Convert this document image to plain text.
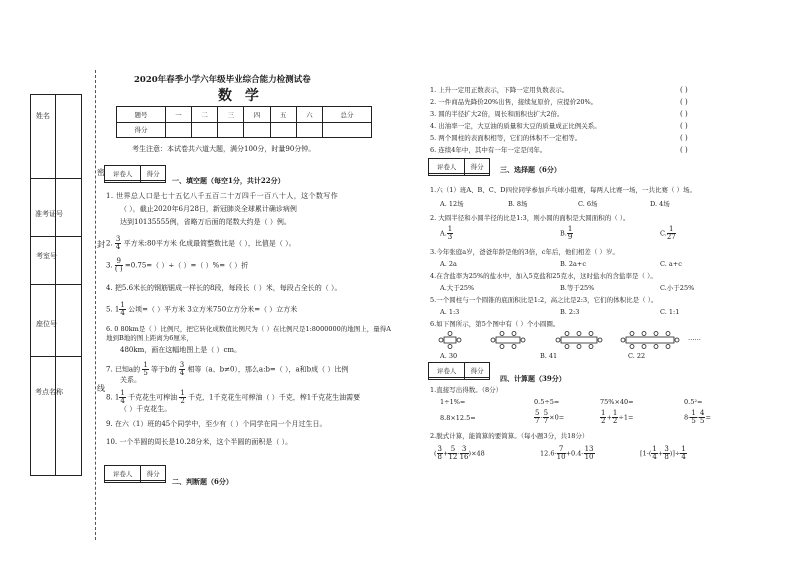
姓名
准考证号
考室号
座位号
考点名称
密
封
线
2020年春季小学六年级毕业综合能力检测试卷
数 学
题号	一	二	三	四	五	六	总分
得分							
考生注意：本试卷共六道大题，满分100分，时量90分钟。
评卷人	得分

一、填空题（每空1分，共计22分）
1. 世界总人口是七十五亿八千五百二十万四千一百八十人，这个数写作
（ ），截止2020年6月28日，新冠肺炎全球累计确诊病例
达到10135555例，省略万后面的尾数大约是（ ）例。
2. $\frac{3}{4}$ 平方米:80平方米 化成最简整数比是（ ），比值是（ ）。
3. $\frac{9}{( )} =0.75=$（ ）÷（ ）=（ ）%=（ ）折
4. 把5.6米长的钢筋锯成一样长的8段，每段长（ ）米，每段占全长的（ ）。
5. $1 \frac{1}{4}$ 公顷=（ ）平方米 3立方米750立方分米=（ ）立方米
6. 0 80km是（ ）比例尺，把它转化成数值比例尺为（ ）在比例尺是1:8000000的地图上，量得A地到B地的图上距离为6厘米，
480km，画在这幅地图上是（ ）cm。
7. 已知a的 $\frac{1}{5}$ 等于b的 $\frac{3}{4}$ 相等（a、b≠0），那么a:b=（ ），a和b成（ ）比例
关系。
8. $1 \frac{1}{4}$ 千克花生可榨油 $\frac{1}{2}$ 千克，1千克花生可榨油（ ）千克，榨1千克花生油需要
（ ）千克花生。
9. 在六（1）班的45个同学中，至少有（ ）个同学在同一个月过生日。
10. 一个半圆的周长是10.28分米，这个半圆的面积是（ ）。
评卷人	得分

二、判断题（6分）
1. 上升一定用正数表示，下降一定用负数表示。
2. 一件商品先降价20%出售，接续复原价，应提价20%。
3. 圆的半径扩大2倍，周长和面积也扩大2倍。
4. 出油率一定，大豆油的质量和大豆的质量成正比例关系。
5. 两个圆柱的表面积相等，它们的体积不一定相等。
6. 连续4年中，其中有一年一定是闰年。
( )
( )
( )
( )
( )
( )
评卷人	得分
	三、选择题（6分）
1.六（1）班A、B、C、D四位同学参加乒乓球小组赛，每两人比赛一场，一共比赛（ ）场。
A. 12场	B. 8场	C. 6场	D. 4场
2. 大圆半径和小圆半径的比是1:3，则小圆的面积是大圆面积的（ ）。
A. $\frac{1}{3}$	B. $\frac{1}{9}$	C. $\frac{1}{27}$
3.今年张庭a岁，爸爸年龄是他的3倍，c年后，他们相差（ ）岁。
A. 2a	B. 2a+c	C. a+c
4.在含盐率为25%的盐水中，加入5克盐和25克水，这时盐水的含盐率是（ ）。
A.大于25%	B.等于25%	C.小于25%
5.一个圆柱与一个圆锥的底面积比是1:2，高之比是2:3，它们的体积比是（ ）。
A. 1:3	B. 2:3	C. 1:1
6.如下图所示，第5个图中有（ ）个小圆圈。
……
A. 30	B. 41	C. 22
评卷人	得分

四、计算题（39分）
1.直接写出得数。（8分）
1÷1%=	0.5÷5=	75%×40=	0.5²=
8.8×12.5=	$\frac{5}{7} - \frac{5}{7} \times 0=$	$\frac{1}{2} + \frac{1}{2} \div 1=$	$8- \frac{1}{5} - \frac{4}{5}$ =
2.脱式计算，能简算的要简算。（每小题3分，共18分）
( $\frac{3}{8} + \frac{5}{12} - \frac{3}{16} )\times 48$	$12.6- \frac{7}{10} +0.4- \frac{13}{10}$	[$1-( \frac{1}{4} + \frac{3}{8}$ )]÷ $\frac{1}{4}$
